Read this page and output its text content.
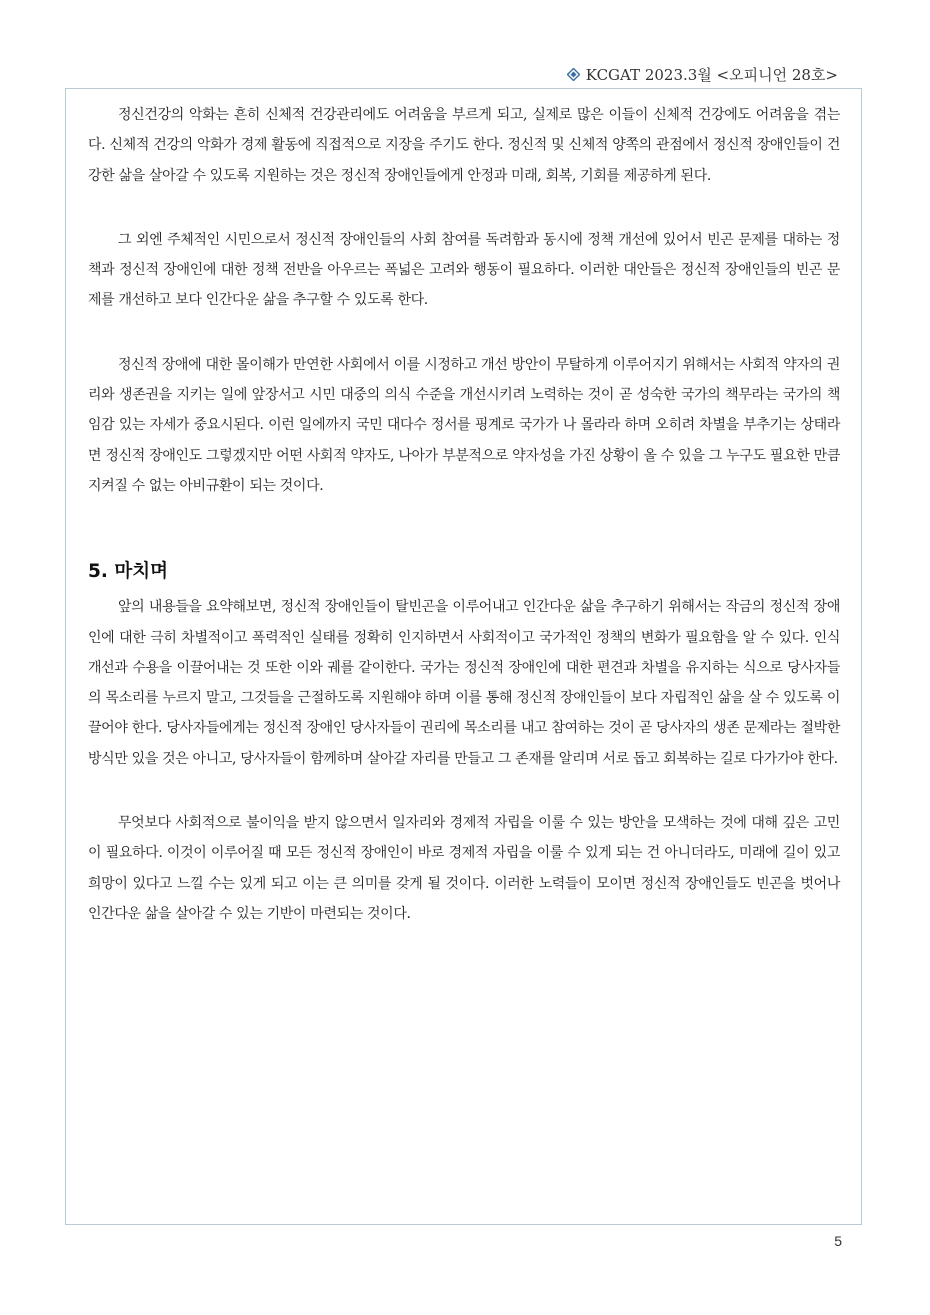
KCGAT 2023.3월 <오피니언 28호>

정신건강의 악화는 흔히 신체적 건강관리에도 어려움을 부르게 되고, 실제로 많은 이들이 신체적 건강에도 어려움을 겪는다. 신체적 건강의 악화가 경제 활동에 직접적으로 지장을 주기도 한다. 정신적 및 신체적 양쪽의 관점에서 정신적 장애인들이 건강한 삶을 살아갈 수 있도록 지원하는 것은 정신적 장애인들에게 안정과 미래, 회복, 기회를 제공하게 된다.

그 외엔 주체적인 시민으로서 정신적 장애인들의 사회 참여를 독려함과 동시에 정책 개선에 있어서 빈곤 문제를 대하는 정책과 정신적 장애인에 대한 정책 전반을 아우르는 폭넓은 고려와 행동이 필요하다. 이러한 대안들은 정신적 장애인들의 빈곤 문제를 개선하고 보다 인간다운 삶을 추구할 수 있도록 한다.

정신적 장애에 대한 몰이해가 만연한 사회에서 이를 시정하고 개선 방안이 무탈하게 이루어지기 위해서는 사회적 약자의 권리와 생존권을 지키는 일에 앞장서고 시민 대중의 의식 수준을 개선시키려 노력하는 것이 곧 성숙한 국가의 책무라는 국가의 책임감 있는 자세가 중요시된다. 이런 일에까지 국민 대다수 정서를 핑계로 국가가 나 몰라라 하며 오히려 차별을 부추기는 상태라면 정신적 장애인도 그렇겠지만 어떤 사회적 약자도, 나아가 부분적으로 약자성을 가진 상황이 올 수 있을 그 누구도 필요한 만큼 지켜질 수 없는 아비규환이 되는 것이다.

5. 마치며

앞의 내용들을 요약해보면, 정신적 장애인들이 탈빈곤을 이루어내고 인간다운 삶을 추구하기 위해서는 작금의 정신적 장애인에 대한 극히 차별적이고 폭력적인 실태를 정확히 인지하면서 사회적이고 국가적인 정책의 변화가 필요함을 알 수 있다. 인식 개선과 수용을 이끌어내는 것 또한 이와 궤를 같이한다. 국가는 정신적 장애인에 대한 편견과 차별을 유지하는 식으로 당사자들의 목소리를 누르지 말고, 그것들을 근절하도록 지원해야 하며 이를 통해 정신적 장애인들이 보다 자립적인 삶을 살 수 있도록 이끌어야 한다. 당사자들에게는 정신적 장애인 당사자들이 권리에 목소리를 내고 참여하는 것이 곧 당사자의 생존 문제라는 절박한 방식만 있을 것은 아니고, 당사자들이 함께하며 살아갈 자리를 만들고 그 존재를 알리며 서로 돕고 회복하는 길로 다가가야 한다.

무엇보다 사회적으로 불이익을 받지 않으면서 일자리와 경제적 자립을 이룰 수 있는 방안을 모색하는 것에 대해 깊은 고민이 필요하다. 이것이 이루어질 때 모든 정신적 장애인이 바로 경제적 자립을 이룰 수 있게 되는 건 아니더라도, 미래에 길이 있고 희망이 있다고 느낄 수는 있게 되고 이는 큰 의미를 갖게 될 것이다. 이러한 노력들이 모이면 정신적 장애인들도 빈곤을 벗어나 인간다운 삶을 살아갈 수 있는 기반이 마련되는 것이다.

5
